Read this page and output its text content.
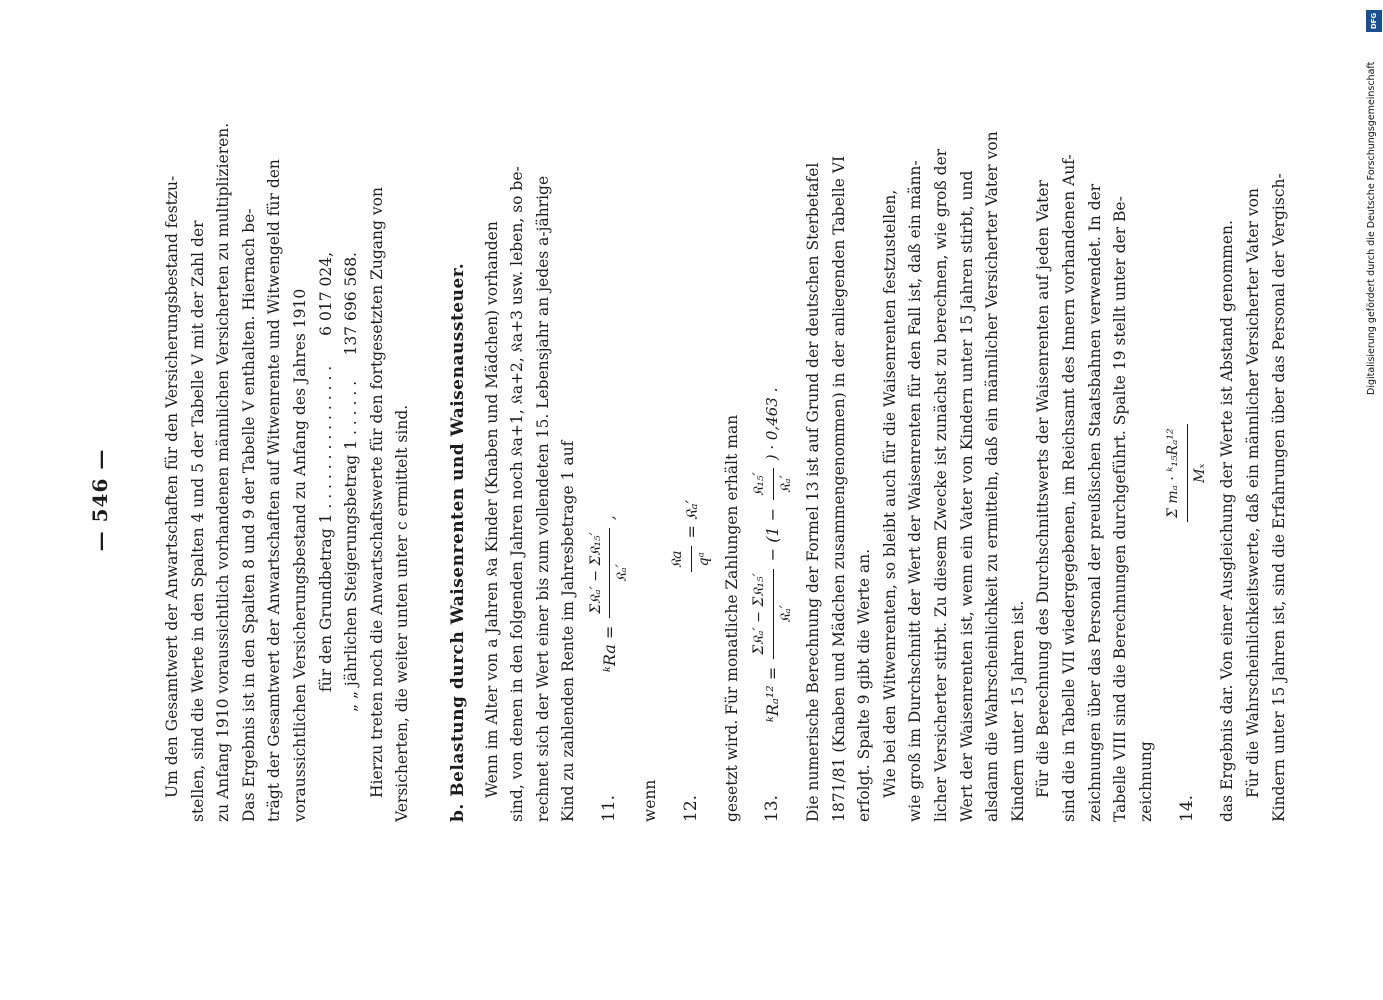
— 546 —	Um den Gesamtwert der Anwartschaften für den Versicherungsbestand festzu- stellen, sind die Werte in den Spalten 4 und 5 der Tabelle V mit der Zahl der zu Anfang 1910 voraussichtlich vorhandenen männlichen Versicherten zu multiplizieren. Das Ergebnis ist in den Spalten 8 und 9 der Tabelle V enthalten. Hiernach be- trägt der Gesamtwert der Anwartschaften auf Witwenrente und Witwengeld für den voraussichtlichen Versicherungsbestand zu Anfang des Jahres 1910 für den Grundbetrag 1 . . . . . . . . . . . . . . .
6 017 024,
„ „ jährlichen Steigerungsbetrag 1 . . . . . .
137 696 568. Hierzu treten noch die Anwartschaftswerte für den fortgesetzten Zugang von Versicherten, die weiter unten unter c ermittelt sind. b. Belastung durch Waisenrenten und Waisenaussteuer. Wenn im Alter von a Jahren 𝔎a Kinder (Knaben und Mädchen) vorhanden sind, von denen in den folgenden Jahren noch 𝔎a+1, 𝔎a+2, 𝔎a+3 usw. leben, so be- rechnet sich der Wert einer bis zum vollendeten 15. Lebensjahr an jedes a-jährige Kind zu zahlenden Rente im Jahresbetrage 1 auf 11.
ᵏRa =
Σ𝔎ₐ′ − Σ𝔎₁₅′ 𝔎ₐ′
,
wenn 12.
𝔎a qᵃ
= 𝔎ₐ′ gesetzt wird. Für monatliche Zahlungen erhält man 13.
ᵏRₐ¹² =
Σ𝔎ₐ′ − Σ𝔎₁₅′ 𝔎ₐ′
− (1 −
𝔎₁₅′ 𝔎ₐ′
) · 0,463 . Die numerische Berechnung der Formel 13 ist auf Grund der deutschen Sterbetafel 1871/81 (Knaben und Mädchen zusammengenommen) in der anliegenden Tabelle VI erfolgt. Spalte 9 gibt die Werte an. Wie bei den Witwenrenten, so bleibt auch für die Waisenrenten festzustellen, wie groß im Durchschnitt der Wert der Waisenrenten für den Fall ist, daß ein männ- licher Versicherter stirbt. Zu diesem Zwecke ist zunächst zu berechnen, wie groß der Wert der Waisenrenten ist, wenn ein Vater von Kindern unter 15 Jahren stirbt, und alsdann die Wahrscheinlichkeit zu ermitteln, daß ein männlicher Versicherter Vater von Kindern unter 15 Jahren ist. Für die Berechnung des Durchschnittswerts der Waisenrenten auf jeden Vater sind die in Tabelle VII wiedergegebenen, im Reichsamt des Innern vorhandenen Auf- zeichnungen über das Personal der preußischen Staatsbahnen verwendet. In der Tabelle VIII sind die Berechnungen durchgeführt. Spalte 19 stellt unter der Be- zeichnung 14.
Σ mₐ · ᵏ₁₅Rₐ¹² Mₓ das Ergebnis dar. Von einer Ausgleichung der Werte ist Abstand genommen. Für die Wahrscheinlichkeitswerte, daß ein männlicher Versicherter Vater von Kindern unter 15 Jahren ist, sind die Erfahrungen über das Personal der Vergisch-

DFG
Digitalisierung gefördert durch die Deutsche Forschungsgemeinschaft
